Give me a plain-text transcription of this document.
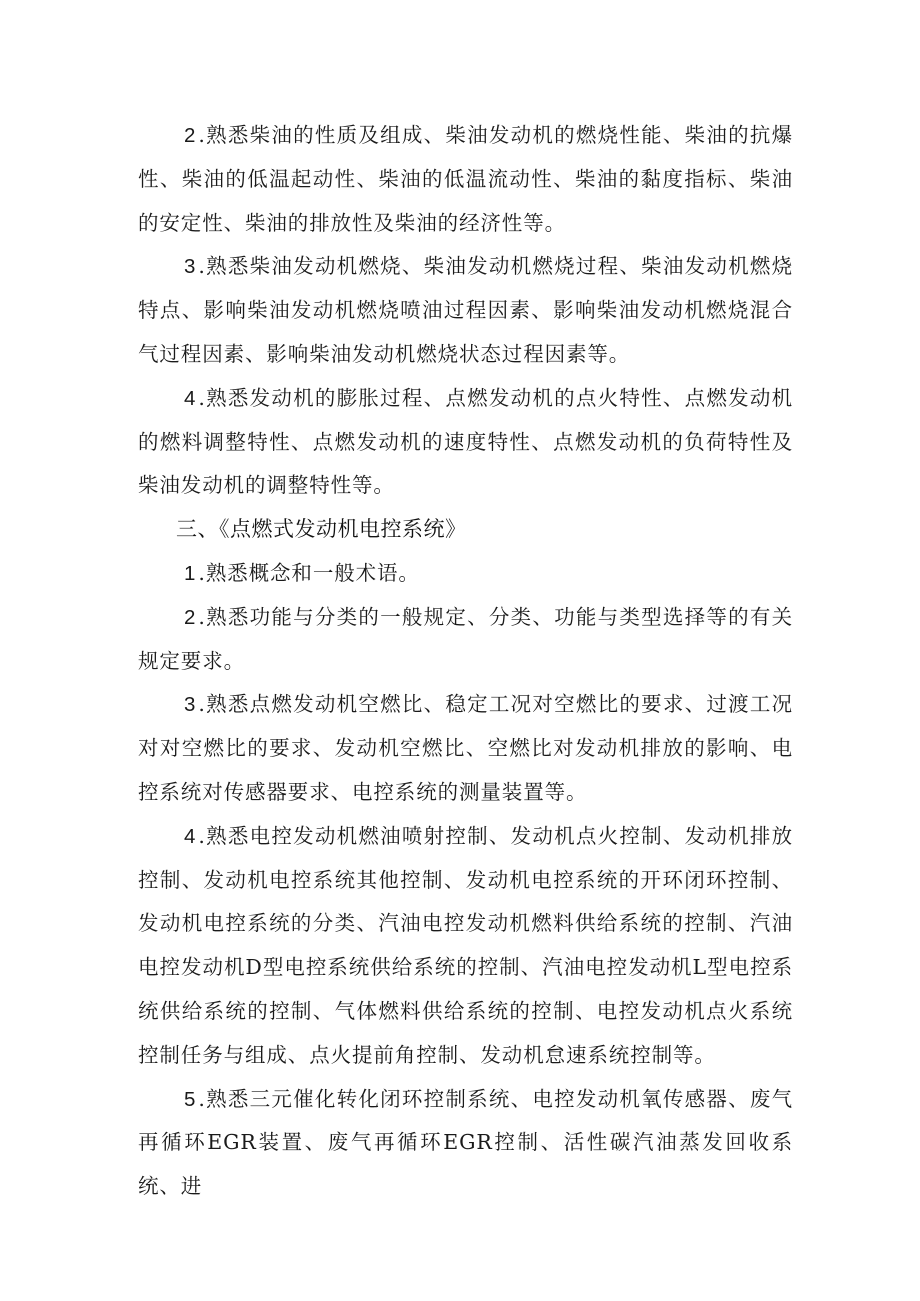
2.熟悉柴油的性质及组成、柴油发动机的燃烧性能、柴油的抗爆性、柴油的低温起动性、柴油的低温流动性、柴油的黏度指标、柴油的安定性、柴油的排放性及柴油的经济性等。

3.熟悉柴油发动机燃烧、柴油发动机燃烧过程、柴油发动机燃烧特点、影响柴油发动机燃烧喷油过程因素、影响柴油发动机燃烧混合气过程因素、影响柴油发动机燃烧状态过程因素等。

4.熟悉发动机的膨胀过程、点燃发动机的点火特性、点燃发动机的燃料调整特性、点燃发动机的速度特性、点燃发动机的负荷特性及柴油发动机的调整特性等。

三、《点燃式发动机电控系统》

1.熟悉概念和一般术语。

2.熟悉功能与分类的一般规定、分类、功能与类型选择等的有关规定要求。

3.熟悉点燃发动机空燃比、稳定工况对空燃比的要求、过渡工况对对空燃比的要求、发动机空燃比、空燃比对发动机排放的影响、电控系统对传感器要求、电控系统的测量装置等。

4.熟悉电控发动机燃油喷射控制、发动机点火控制、发动机排放控制、发动机电控系统其他控制、发动机电控系统的开环闭环控制、发动机电控系统的分类、汽油电控发动机燃料供给系统的控制、汽油电控发动机D型电控系统供给系统的控制、汽油电控发动机L型电控系统供给系统的控制、气体燃料供给系统的控制、电控发动机点火系统控制任务与组成、点火提前角控制、发动机怠速系统控制等。

5.熟悉三元催化转化闭环控制系统、电控发动机氧传感器、废气再循环EGR装置、废气再循环EGR控制、活性碳汽油蒸发回收系统、进
